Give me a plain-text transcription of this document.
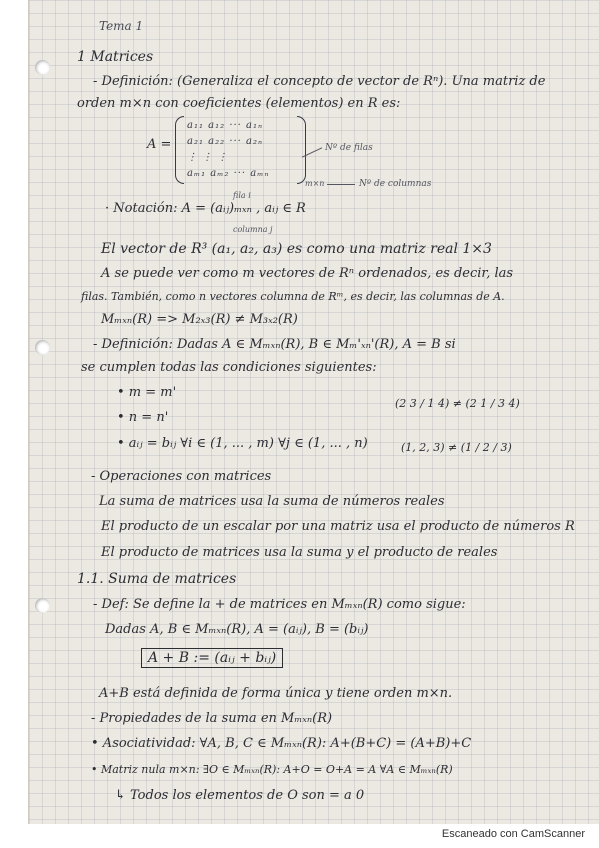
Tema 1
1 Matrices
- Definición: (Generaliza el concepto de vector de Rⁿ). Una matriz de
orden m×n con coeficientes (elementos) en R es:
A =
a₁₁ a₁₂ ··· a₁ₙ
a₂₁ a₂₂ ··· a₂ₙ
⋮ ⋮ ⋮
aₘ₁ aₘ₂ ··· aₘₙ
m×n
Nº de filas
Nº de columnas
· Notación: A = (aᵢⱼ)ₘₓₙ , aᵢⱼ ∈ R
fila i
columna j
El vector de R³ (a₁, a₂, a₃) es como una matriz real 1×3
A se puede ver como m vectores de Rⁿ ordenados, es decir, las
filas. También, como n vectores columna de Rᵐ, es decir, las columnas de A.
Mₘₓₙ(R) => M₂ₓ₃(R) ≠ M₃ₓ₂(R)
- Definición: Dadas A ∈ Mₘₓₙ(R), B ∈ Mₘ'ₓₙ'(R), A = B si
se cumplen todas las condiciones siguientes:
• m = m'
• n = n'
• aᵢⱼ = bᵢⱼ ∀i ∈ (1, ... , m) ∀j ∈ (1, ... , n)
(2 3 / 1 4) ≠ (2 1 / 3 4)
(1, 2, 3) ≠ (1 / 2 / 3)
- Operaciones con matrices
La suma de matrices usa la suma de números reales
El producto de un escalar por una matriz usa el producto de números R
El producto de matrices usa la suma y el producto de reales
1.1. Suma de matrices
- Def: Se define la + de matrices en Mₘₓₙ(R) como sigue:
Dadas A, B ∈ Mₘₓₙ(R), A = (aᵢⱼ), B = (bᵢⱼ)
A + B := (aᵢⱼ + bᵢⱼ)
A+B está definida de forma única y tiene orden m×n.
- Propiedades de la suma en Mₘₓₙ(R)
• Asociatividad: ∀A, B, C ∈ Mₘₓₙ(R): A+(B+C) = (A+B)+C
• Matriz nula m×n: ∃O ∈ Mₘₓₙ(R): A+O = O+A = A ∀A ∈ Mₘₓₙ(R)
↳ Todos los elementos de O son = a 0
Escaneado con CamScanner
